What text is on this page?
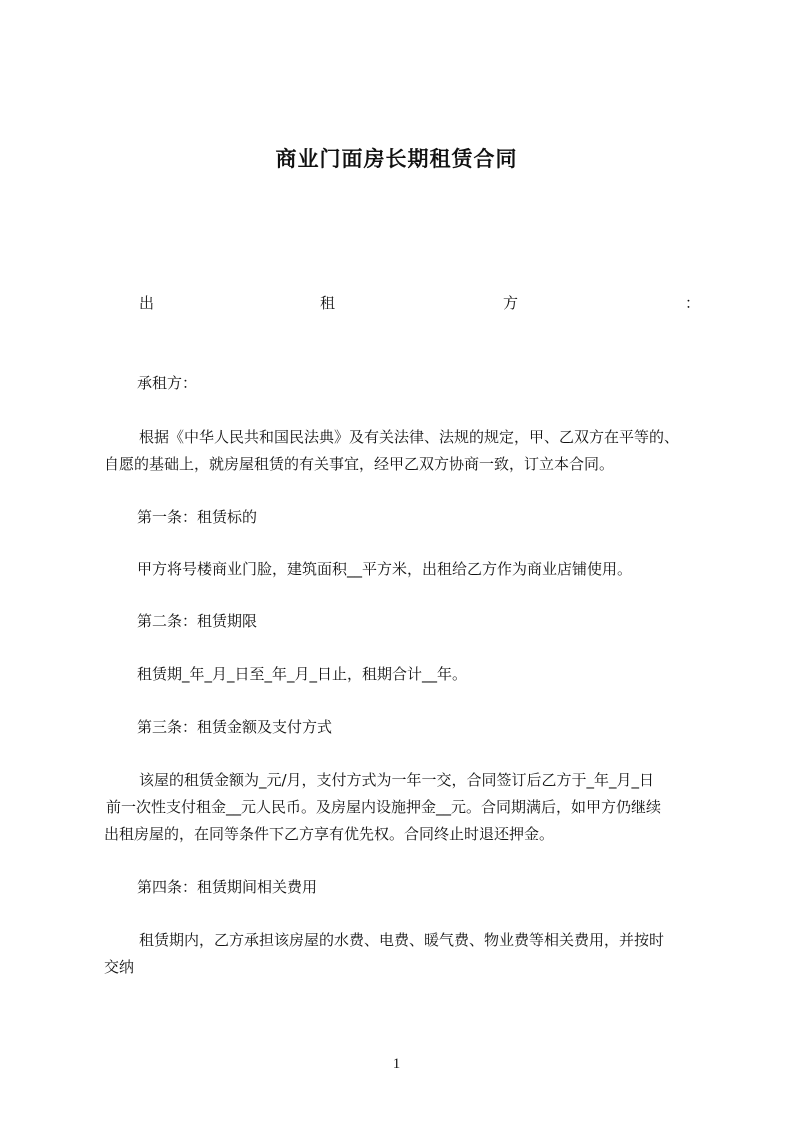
商业门面房长期租赁合同
出	租	方	：
承租方：
根据《中华人民共和国民法典》及有关法律、法规的规定，甲、乙双方在平等的、
自愿的基础上，就房屋租赁的有关事宜，经甲乙双方协商一致，订立本合同。
第一条：租赁标的
甲方将号楼商业门脸，建筑面积__平方米，出租给乙方作为商业店铺使用。
第二条：租赁期限
租赁期_年_月_日至_年_月_日止，租期合计__年。
第三条：租赁金额及支付方式
该屋的租赁金额为_元/月，支付方式为一年一交，合同签订后乙方于_年_月_日
前一次性支付租金__元人民币。及房屋内设施押金__元。合同期满后，如甲方仍继续
出租房屋的，在同等条件下乙方享有优先权。合同终止时退还押金。
第四条：租赁期间相关费用
租赁期内，乙方承担该房屋的水费、电费、暖气费、物业费等相关费用，并按时
交纳
1
